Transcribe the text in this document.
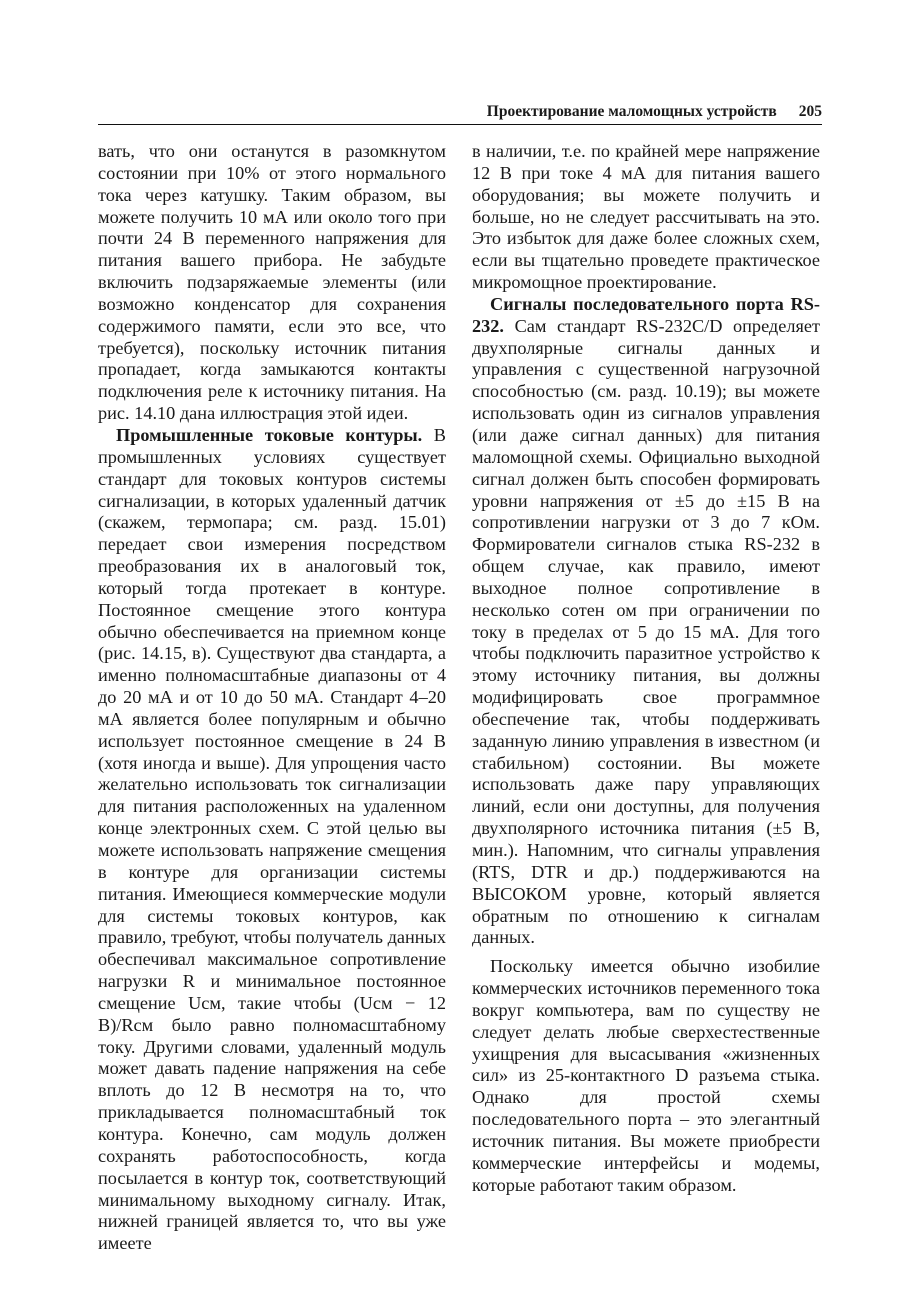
Проектирование маломощных устройств 205

вать, что они останутся в разомкнутом состоянии при 10% от этого нормального тока через катушку. Таким образом, вы можете получить 10 мА или около того при почти 24 В переменного напряжения для питания вашего прибора. Не забудьте включить подзаряжаемые элементы (или возможно конденсатор для сохранения содержимого памяти, если это все, что требуется), поскольку источник питания пропадает, когда замыкаются контакты подключения реле к источнику питания. На рис. 14.10 дана иллюстрация этой идеи.

Промышленные токовые контуры. В промышленных условиях существует стандарт для токовых контуров системы сигнализации, в которых удаленный датчик (скажем, термопара; см. разд. 15.01) передает свои измерения посредством преобразования их в аналоговый ток, который тогда протекает в контуре. Постоянное смещение этого контура обычно обеспечивается на приемном конце (рис. 14.15, в). Существуют два стандарта, а именно полномасштабные диапазоны от 4 до 20 мА и от 10 до 50 мА. Стандарт 4–20 мА является более популярным и обычно использует постоянное смещение в 24 В (хотя иногда и выше). Для упрощения часто желательно использовать ток сигнализации для питания расположенных на удаленном конце электронных схем. С этой целью вы можете использовать напряжение смещения в контуре для организации системы питания. Имеющиеся коммерческие модули для системы токовых контуров, как правило, требуют, чтобы получатель данных обеспечивал максимальное сопротивление нагрузки R и минимальное постоянное смещение Uсм, такие чтобы (Uсм − 12 В)/Rсм было равно полномасштабному току. Другими словами, удаленный модуль может давать падение напряжения на себе вплоть до 12 В несмотря на то, что прикладывается полномасштабный ток контура. Конечно, сам модуль должен сохранять работоспособность, когда посылается в контур ток, соответствующий минимальному выходному сигналу. Итак, нижней границей является то, что вы уже имеете

в наличии, т.е. по крайней мере напряжение 12 В при токе 4 мА для питания вашего оборудования; вы можете получить и больше, но не следует рассчитывать на это. Это избыток для даже более сложных схем, если вы тщательно проведете практическое микромощное проектирование.

Сигналы последовательного порта RS-232. Сам стандарт RS-232C/D определяет двухполярные сигналы данных и управления с существенной нагрузочной способностью (см. разд. 10.19); вы можете использовать один из сигналов управления (или даже сигнал данных) для питания маломощной схемы. Официально выходной сигнал должен быть способен формировать уровни напряжения от ±5 до ±15 В на сопротивлении нагрузки от 3 до 7 кОм. Формирователи сигналов стыка RS-232 в общем случае, как правило, имеют выходное полное сопротивление в несколько сотен ом при ограничении по току в пределах от 5 до 15 мА. Для того чтобы подключить паразитное устройство к этому источнику питания, вы должны модифицировать свое программное обеспечение так, чтобы поддерживать заданную линию управления в известном (и стабильном) состоянии. Вы можете использовать даже пару управляющих линий, если они доступны, для получения двухполярного источника питания (±5 В, мин.). Напомним, что сигналы управления (RTS, DTR и др.) поддерживаются на ВЫСОКОМ уровне, который является обратным по отношению к сигналам данных.

Поскольку имеется обычно изобилие коммерческих источников переменного тока вокруг компьютера, вам по существу не следует делать любые сверхестественные ухищрения для высасывания «жизненных сил» из 25-контактного D разъема стыка. Однако для простой схемы последовательного порта – это элегантный источник питания. Вы можете приобрести коммерческие интерфейсы и модемы, которые работают таким образом.
